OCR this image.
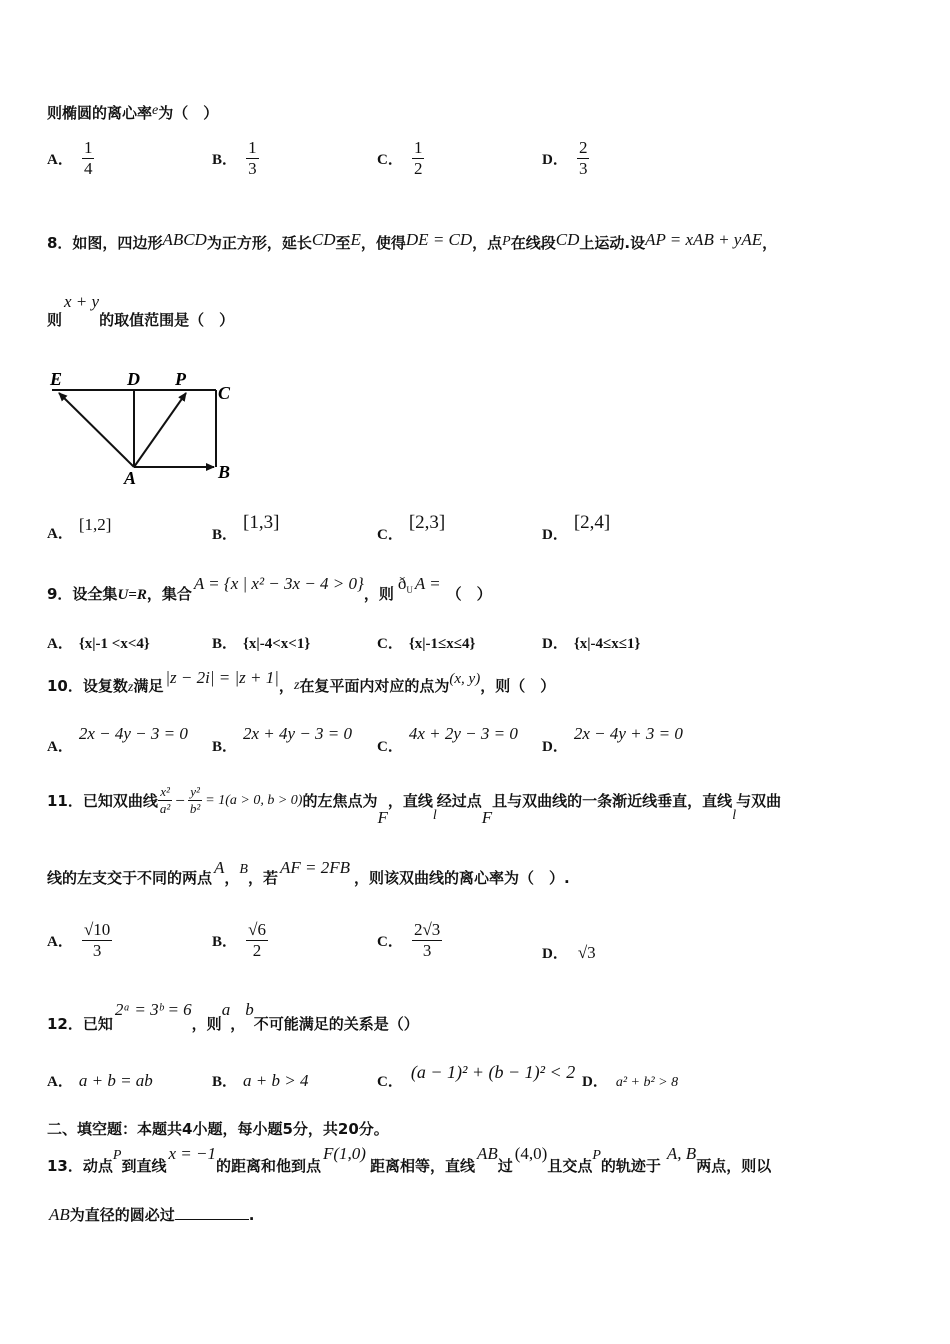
则椭圆的离心率e为（　）
A． $\frac{1}{4}$	B． $\frac{1}{3}$	C． $\frac{1}{2}$	D． $\frac{2}{3}$
8．如图，四边形ABCD为正方形，延长CD至E，使得DE = CD，点P在线段CD上运动.设AP = xAB + yAE，
则x + y的取值范围是（　）
E	D P
C
A	B
A． [1,2]
B．[1,3]
C．[2,3]
D．[2,4]
9．设全集U=R，集合A = {x | x² − 3x − 4 > 0}，则$ð_U$ A =（　）
A． {x|-1 <x<4}	B． {x|-4<x<1}	C． {x|-1≤x≤4}	D． {x|-4≤x≤1}
10．设复数z满足 |z − 2i| = |z + 1|，z在复平面内对应的点为(x, y)，则（　）
A．2x − 4y − 3 = 0
B．2x + 4y − 3 = 0
C．4x + 2y − 3 = 0
D．2x − 4y + 3 = 0
11．已知双曲线 $\frac{\text{x²}}{\text{a²}} - \frac{\text{y²}}{\text{b²}} = 1(a > 0$, b > 0)的左焦点为F，直线l经过点F且与双曲线的一条渐近线垂直，直线l与双曲
线的左支交于不同的两点A，B，若AF = 2FB，则该双曲线的离心率为（　）.
A． $\frac{√10}{3}$	B． $\frac{√6}{2}$	C． $\frac{2√3}{3}$	D． √3
12．已知2ᵃ = 3ᵇ = 6，则a，b不可能满足的关系是（）
A． a + b = ab	B． a + b > 4	C． (a − 1)² + (b − 1)² < 2 D． a² + b² > 8
二、填空题：本题共4小题，每小题5分，共20分。
13．动点P到直线x = −1的距离和他到点F(1,0)距离相等，直线AB过(4,0)且交点P的轨迹于A, B两点，则以
AB为直径的圆必过	.
